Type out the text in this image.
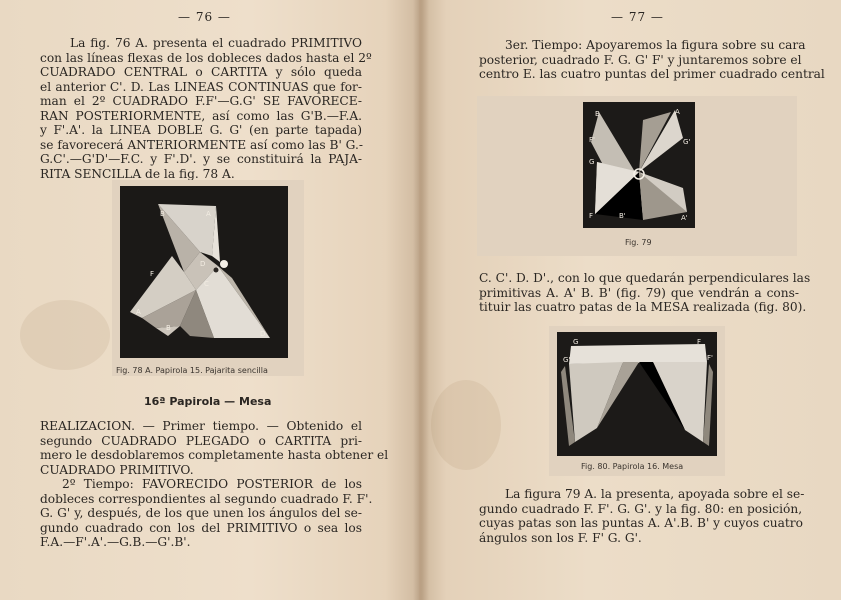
— 76 —
La fig. 76 A. presenta el cuadrado PRIMITIVO
con las líneas flexas de los dobleces dados hasta el 2º
CUADRADO CENTRAL o CARTITA y sólo queda
el anterior C'. D. Las LINEAS CONTINUAS que for-
man el 2º CUADRADO F.F'—G.G' SE FAVORECE-
RAN POSTERIORMENTE, así como las G'B.—F.A.
y F'.A'. la LINEA DOBLE G. G' (en parte tapada)
se favorecerá ANTERIORMENTE así como las B' G.-
G.C'.—G'D'—F.C. y F'.D'. y se constituirá la PAJA-
RITA SENCILLA de la fig. 78 A.
B	A
F
D
C
A
B
D
Fig. 78 A. Papirola 15. Pajarita sencilla
16ª Papirola — Mesa
REALIZACION. — Primer tiempo. — Obtenido el
segundo CUADRADO PLEGADO o CARTITA pri-
mero le desdoblaremos completamente hasta obtener el
CUADRADO PRIMITIVO.
2º Tiempo: FAVORECIDO POSTERIOR de los
dobleces correspondientes al segundo cuadrado F. F'.
G. G' y, después, de los que unen los ángulos del se-
gundo cuadrado con los del PRIMITIVO o sea los
F.A.—F'.A'.—G.B.—G'.B'.
— 77 —
3er. Tiempo: Apoyaremos la figura sobre su cara
posterior, cuadrado F. G. G' F' y juntaremos sobre el
centro E. las cuatro puntas del primer cuadrado central
B	A
F'	G'
G
F	B'	A'
Fig. 79
C. C'. D. D'., con lo que quedarán perpendiculares las
primitivas A. A' B. B' (fig. 79) que vendrán a cons-
tituir las cuatro patas de la MESA realizada (fig. 80).
G	F
G'	F'
Fig. 80. Papirola 16. Mesa
La figura 79 A. la presenta, apoyada sobre el se-
gundo cuadrado F. F'. G. G'. y la fig. 80: en posición,
cuyas patas son las puntas A. A'.B. B' y cuyos cuatro
ángulos son los F. F' G. G'.
